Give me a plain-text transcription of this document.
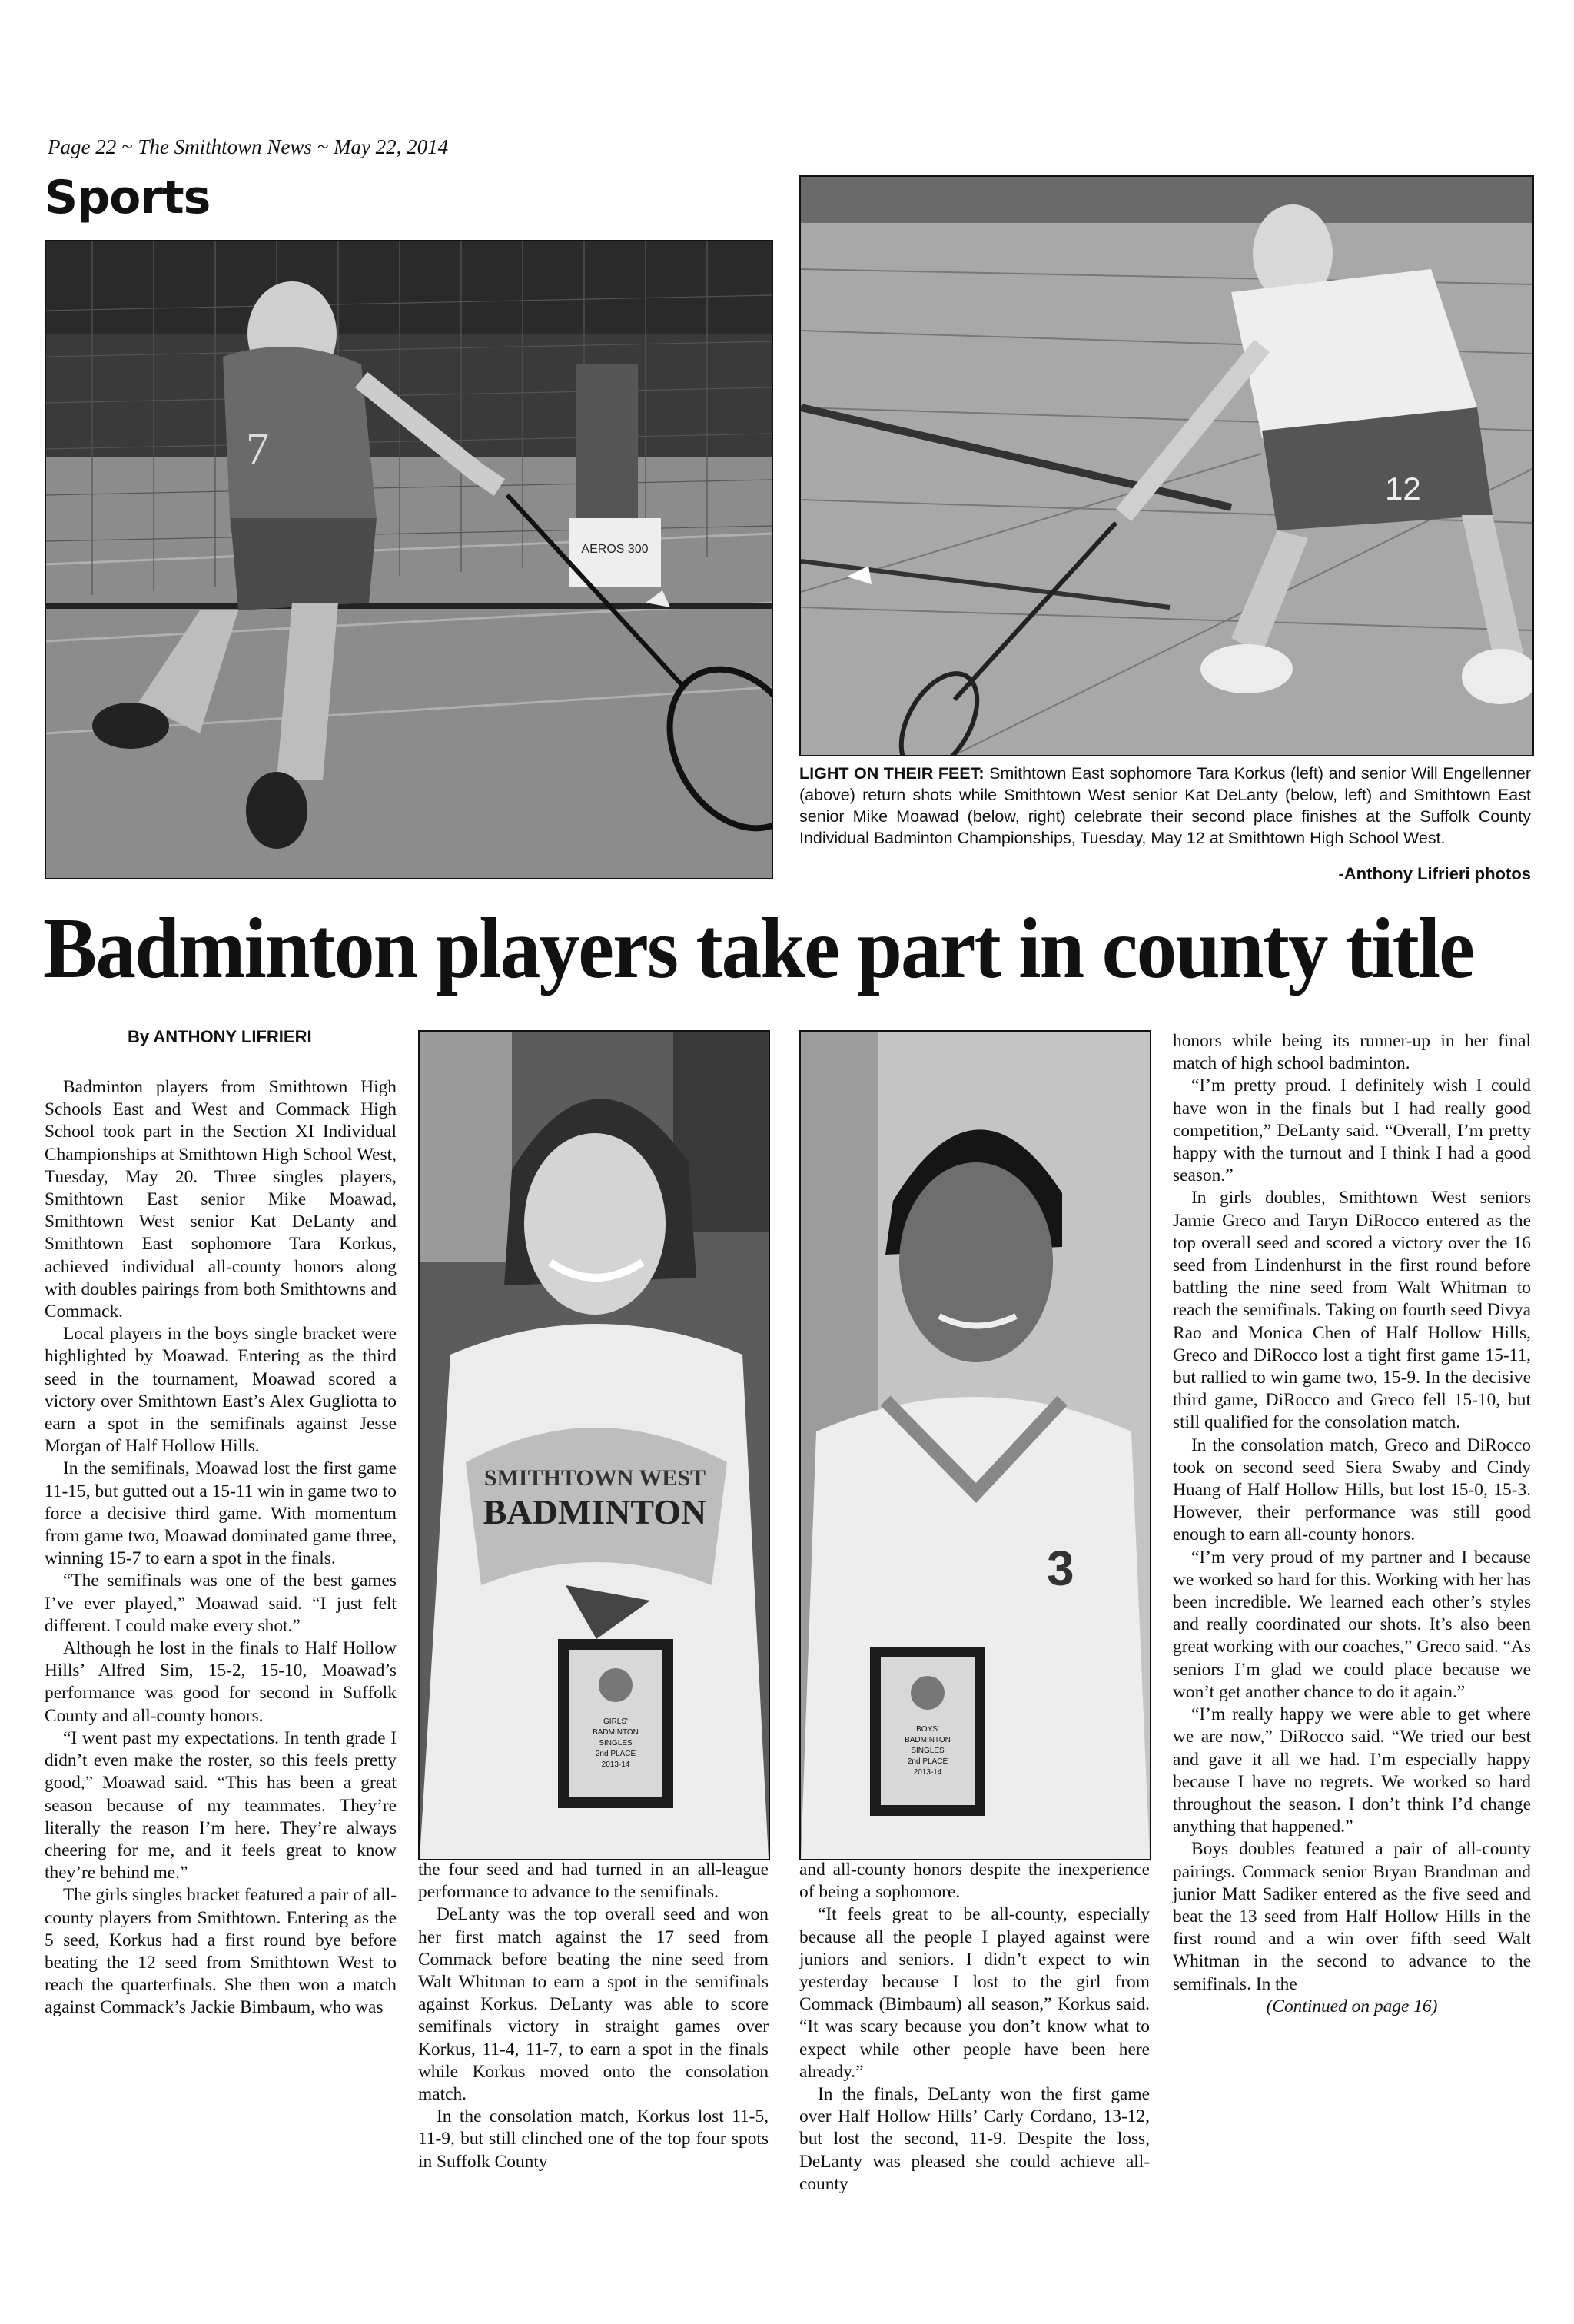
Page 22 ~ The Smithtown News ~ May 22, 2014
Sports
AEROS 300
7
12
LIGHT ON THEIR FEET: Smithtown East sophomore Tara Korkus (left) and senior Will Engellenner (above) return shots while Smithtown West senior Kat DeLanty (below, left) and Smithtown East senior Mike Moawad (below, right) celebrate their second place finishes at the Suffolk County Individual Badminton Championships, Tuesday, May 12 at Smithtown High School West.
-Anthony Lifrieri photos
Badminton players take part in county title
By ANTHONY LIFRIERI
SMITHTOWN WEST
BADMINTON
GIRLS'
BADMINTON
SINGLES
2nd PLACE
2013-14
3
BOYS'
BADMINTON
SINGLES
2nd PLACE
2013-14

Badminton players from Smithtown High Schools East and West and Commack High School took part in the Section XI Individual Championships at Smithtown High School West, Tuesday, May 20. Three singles players, Smithtown East senior Mike Moawad, Smithtown West senior Kat DeLanty and Smithtown East sophomore Tara Korkus, achieved individual all-county honors along with doubles pairings from both Smithtowns and Commack.

Local players in the boys single bracket were highlighted by Moawad. Entering as the third seed in the tournament, Moawad scored a victory over Smithtown East’s Alex Gugliotta to earn a spot in the semifinals against Jesse Morgan of Half Hollow Hills.

In the semifinals, Moawad lost the first game 11-15, but gutted out a 15-11 win in game two to force a decisive third game. With momentum from game two, Moawad dominated game three, winning 15-7 to earn a spot in the finals.

“The semifinals was one of the best games I’ve ever played,” Moawad said. “I just felt different. I could make every shot.”

Although he lost in the finals to Half Hollow Hills’ Alfred Sim, 15-2, 15-10, Moawad’s performance was good for second in Suffolk County and all-county honors.

“I went past my expectations. In tenth grade I didn’t even make the roster, so this feels pretty good,” Moawad said. “This has been a great season because of my teammates. They’re literally the reason I’m here. They’re always cheering for me, and it feels great to know they’re behind me.”

The girls singles bracket featured a pair of all-county players from Smithtown. Entering as the 5 seed, Korkus had a first round bye before beating the 12 seed from Smithtown West to reach the quarterfinals. She then won a match against Commack’s Jackie Bimbaum, who was

the four seed and had turned in an all-league performance to advance to the semifinals.

DeLanty was the top overall seed and won her first match against the 17 seed from Commack before beating the nine seed from Walt Whitman to earn a spot in the semifinals against Korkus. DeLanty was able to score semifinals victory in straight games over Korkus, 11-4, 11-7, to earn a spot in the finals while Korkus moved onto the consolation match.

In the consolation match, Korkus lost 11-5, 11-9, but still clinched one of the top four spots in Suffolk County

and all-county honors despite the inexperience of being a sophomore.

“It feels great to be all-county, especially because all the people I played against were juniors and seniors. I didn’t expect to win yesterday because I lost to the girl from Commack (Bimbaum) all season,” Korkus said. “It was scary because you don’t know what to expect while other people have been here already.”

In the finals, DeLanty won the first game over Half Hollow Hills’ Carly Cordano, 13-12, but lost the second, 11-9. Despite the loss, DeLanty was pleased she could achieve all-county

honors while being its runner-up in her final match of high school badminton.

“I’m pretty proud. I definitely wish I could have won in the finals but I had really good competition,” DeLanty said. “Overall, I’m pretty happy with the turnout and I think I had a good season.”

In girls doubles, Smithtown West seniors Jamie Greco and Taryn DiRocco entered as the top overall seed and scored a victory over the 16 seed from Lindenhurst in the first round before battling the nine seed from Walt Whitman to reach the semifinals. Taking on fourth seed Divya Rao and Monica Chen of Half Hollow Hills, Greco and DiRocco lost a tight first game 15-11, but rallied to win game two, 15-9. In the decisive third game, DiRocco and Greco fell 15-10, but still qualified for the consolation match.

In the consolation match, Greco and DiRocco took on second seed Siera Swaby and Cindy Huang of Half Hollow Hills, but lost 15-0, 15-3. However, their performance was still good enough to earn all-county honors.

“I’m very proud of my partner and I because we worked so hard for this. Working with her has been incredible. We learned each other’s styles and really coordinated our shots. It’s also been great working with our coaches,” Greco said. “As seniors I’m glad we could place because we won’t get another chance to do it again.”

“I’m really happy we were able to get where we are now,” DiRocco said. “We tried our best and gave it all we had. I’m especially happy because I have no regrets. We worked so hard throughout the season. I don’t think I’d change anything that happened.”

Boys doubles featured a pair of all-county pairings. Commack senior Bryan Brandman and junior Matt Sadiker entered as the five seed and beat the 13 seed from Half Hollow Hills in the first round and a win over fifth seed Walt Whitman in the second to advance to the semifinals. In the

(Continued on page 16)
